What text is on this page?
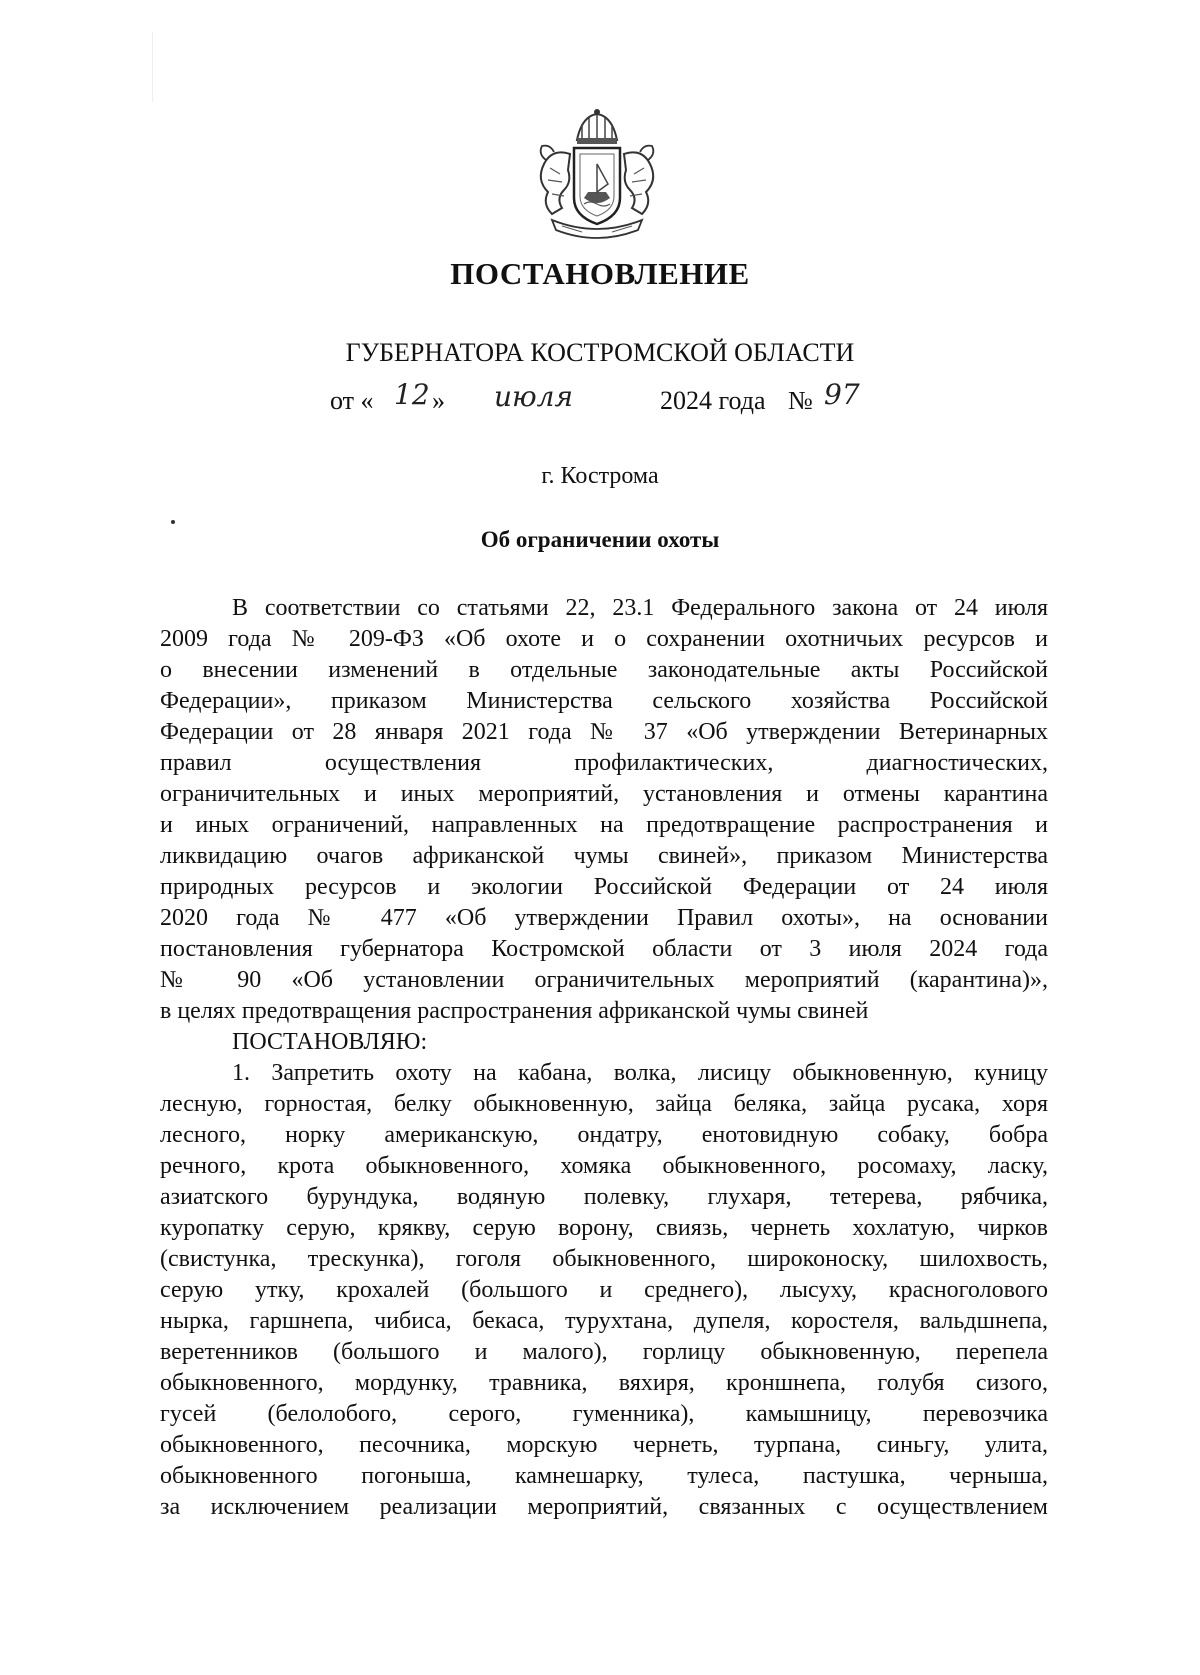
ПОСТАНОВЛЕНИЕ
ГУБЕРНАТОРА КОСТРОМСКОЙ ОБЛАСТИ
от « 12 » июля	2024 года № 97
г. Кострома
Об ограничении охоты
В соответствии со статьями 22, 23.1 Федерального закона от 24 июля
2009 года № 209-ФЗ «Об охоте и о сохранении охотничьих ресурсов и
о внесении изменений в отдельные законодательные акты Российской
Федерации», приказом Министерства сельского хозяйства Российской
Федерации от 28 января 2021 года № 37 «Об утверждении Ветеринарных
правил осуществления профилактических, диагностических,
ограничительных и иных мероприятий, установления и отмены карантина
и иных ограничений, направленных на предотвращение распространения и
ликвидацию очагов африканской чумы свиней», приказом Министерства
природных ресурсов и экологии Российской Федерации от 24 июля
2020 года № 477 «Об утверждении Правил охоты», на основании
постановления губернатора Костромской области от 3 июля 2024 года
№ 90 «Об установлении ограничительных мероприятий (карантина)»,
в целях предотвращения распространения африканской чумы свиней
ПОСТАНОВЛЯЮ:
1. Запретить охоту на кабана, волка, лисицу обыкновенную, куницу
лесную, горностая, белку обыкновенную, зайца беляка, зайца русака, хоря
лесного, норку американскую, ондатру, енотовидную собаку, бобра
речного, крота обыкновенного, хомяка обыкновенного, росомаху, ласку,
азиатского бурундука, водяную полевку, глухаря, тетерева, рябчика,
куропатку серую, крякву, серую ворону, свиязь, чернеть хохлатую, чирков
(свистунка, трескунка), гоголя обыкновенного, широконоску, шилохвость,
серую утку, крохалей (большого и среднего), лысуху, красноголового
нырка, гаршнепа, чибиса, бекаса, турухтана, дупеля, коростеля, вальдшнепа,
веретенников (большого и малого), горлицу обыкновенную, перепела
обыкновенного, мордунку, травника, вяхиря, кроншнепа, голубя сизого,
гусей (белолобого, серого, гуменника), камышницу, перевозчика
обыкновенного, песочника, морскую чернеть, турпана, синьгу, улита,
обыкновенного погоныша, камнешарку, тулеса, пастушка, черныша,
за исключением реализации мероприятий, связанных с осуществлением
